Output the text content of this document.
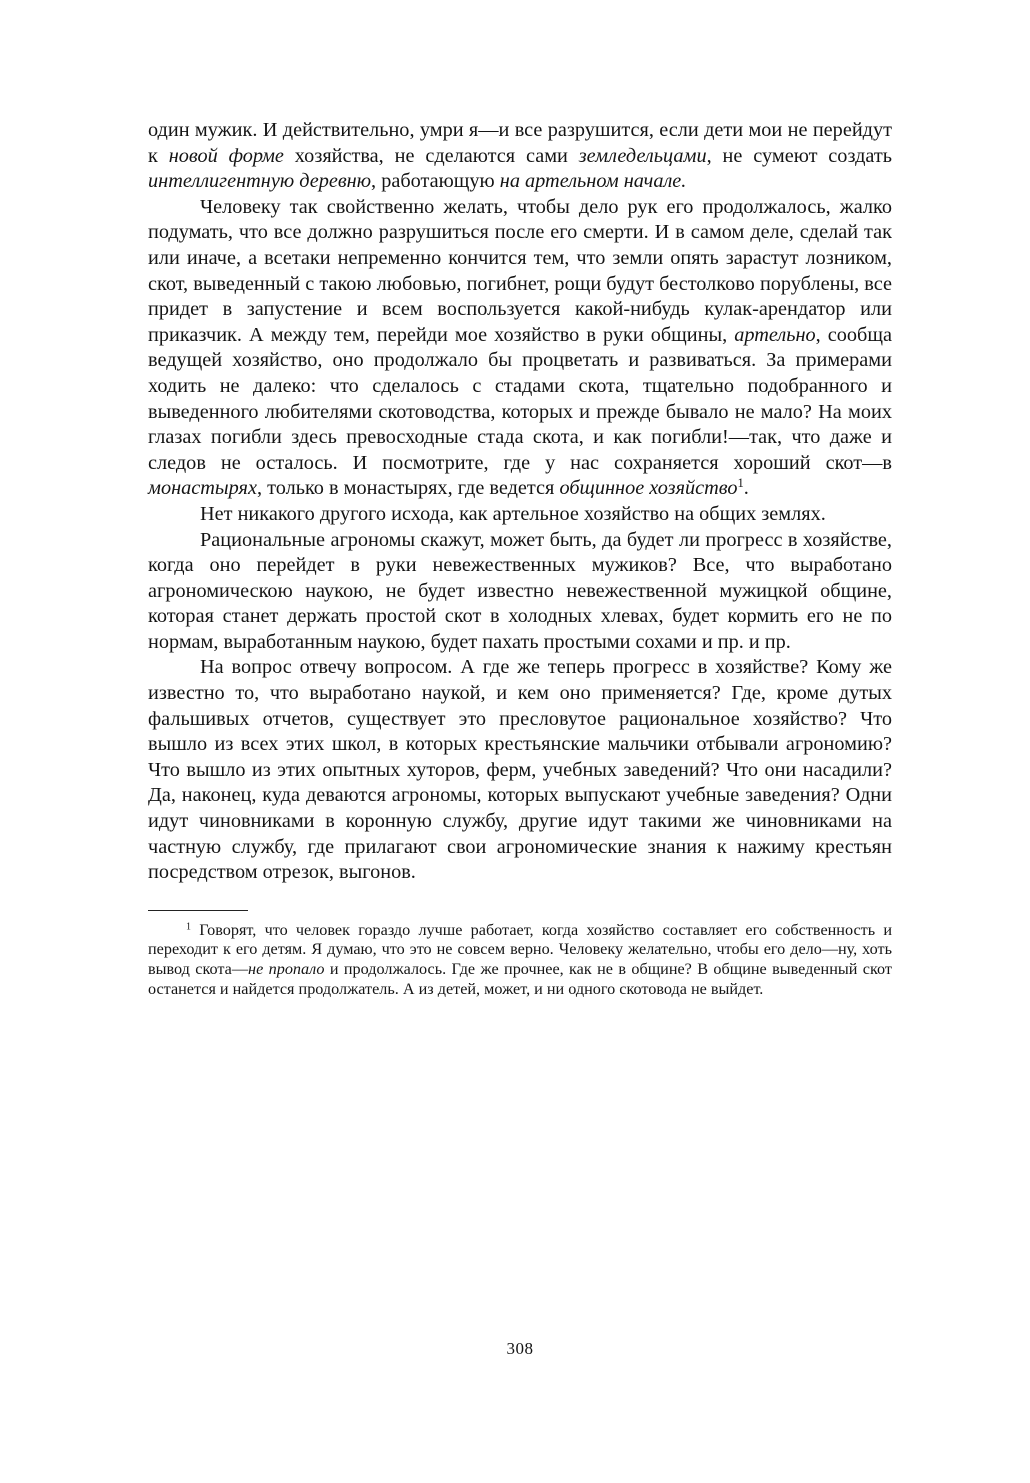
один мужик. И действительно, умри я—и все разрушится, если дети мои не перейдут к новой форме хозяйства, не сделаются сами земледельцами, не сумеют создать интеллигентную деревню, работающую на артельном началe.

Человеку так свойственно желать, чтобы дело рук его продолжалось, жалко подумать, что все должно разрушиться после его смерти. И в самом деле, сделай так или иначе, а всетаки непременно кончится тем, что земли опять зарастут лозником, скот, выведенный с такою любовью, погибнет, рощи будут бестолково порублены, все придет в запустение и всем воспользуется какой-нибудь кулак-арендатор или приказчик. А между тем, перейди мое хозяйство в руки общины, артельно, сообща ведущей хозяйство, оно продолжало бы процветать и развиваться. За примерами ходить не далеко: что сделалось с стадами скота, тщательно подобранного и выведенного любителями скотоводства, которых и прежде бывало не мало? На моих глазах погибли здесь превосходные стада скота, и как погибли!—так, что даже и следов не осталось. И посмотрите, где у нас сохраняется хороший скот—в монастырях, только в монастырях, где ведется общинное хозяйство$^1$.

Нет никакого другого исхода, как артельное хозяйство на общих землях.

Рациональные агрономы скажут, может быть, да будет ли прогресс в хозяйстве, когда оно перейдет в руки невежественных мужиков? Все, что выработано агрономическою наукою, не будет известно невежественной мужицкой общине, которая станет держать простой скот в холодных хлевах, будет кормить его не по нормам, выработанным наукою, будет пахать простыми сохами и пр. и пр.

На вопрос отвечу вопросом. А где же теперь прогресс в хозяйстве? Кому же известно то, что выработано наукой, и кем оно применяется? Где, кроме дутых фальшивых отчетов, существует это пресловутое рациональное хозяйство? Что вышло из всех этих школ, в которых крестьянские мальчики отбывали агрономию? Что вышло из этих опытных хуторов, ферм, учебных заведений? Что они насадили? Да, наконец, куда деваются агрономы, которых выпускают учебные заведения? Одни идут чиновниками в коронную службу, другие идут такими же чиновниками на частную службу, где прилагают свои агрономические знания к нажиму крестьян посредством отрезок, выгонов.

$^1$ Говорят, что человек гораздо лучше работает, когда хозяйство составляет его собственность и переходит к его детям. Я думаю, что это не совсем верно. Человеку желательно, чтобы его дело—ну, хоть вывод скота—не пропало и продолжалось. Где же прочнее, как не в общине? В общине выведенный скот останется и найдется продолжатель. А из детей, может, и ни одного скотовода не выйдет.

308
